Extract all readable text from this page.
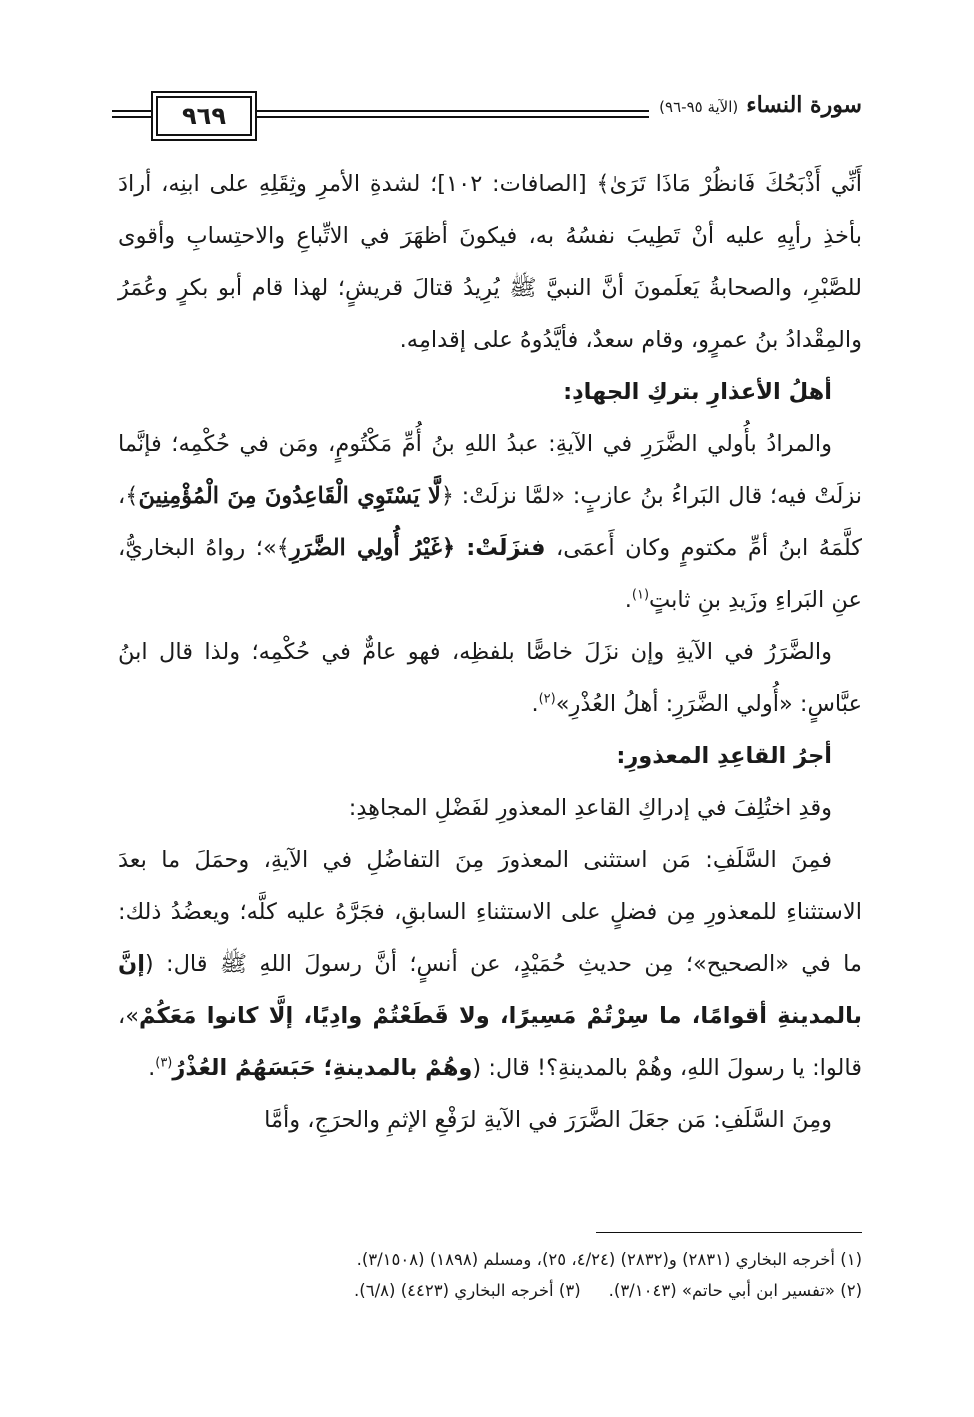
٩٦٩	سورة النساء
(الآية ٩٥-٩٦)

أَنِّي أَذْبَحُكَ فَانظُرْ مَاذَا تَرَىٰ﴾ [الصافات: ١٠٢]؛ لشدةِ الأمرِ وثِقَلِهِ على ابنِه، أرادَ بأخذِ رأيِهِ عليه أنْ تَطِيبَ نفسُهُ به، فيكونَ أظهَرَ في الاتِّباعِ والاحتِسابِ وأقوى للصَّبْرِ، والصحابةُ يَعلَمونَ أنَّ النبيَّ ﷺ يُرِيدُ قتالَ قريشٍ؛ لهذا قام أبو بكرٍ وعُمَرُ والمِقْدادُ بنُ عمرٍو، وقام سعدٌ، فأيَّدُوهُ على إقدامِه.

أهلُ الأعذارِ بتركِ الجهادِ:

والمرادُ بأُولي الضَّرَرِ في الآيةِ: عبدُ اللهِ بنُ أُمِّ مَكْتُومٍ، ومَن في حُكْمِه؛ فإنَّما نزلَتْ فيه؛ قال البَراءُ بنُ عازبٍ: «لمَّا نزلَتْ: ﴿لَّا يَسْتَوِي الْقَاعِدُونَ مِنَ الْمُؤْمِنِينَ﴾، كلَّمَهُ ابنُ أمِّ مكتومٍ وكان أَعمَى، فنزَلَتْ: ﴿غَيْرُ أُولِي الضَّرَرِ﴾»؛ رواهُ البخاريُّ، عنِ البَراءِ وزَيدِ بنِ ثابتٍ$^{(١)}$.

والضَّرَرُ في الآيةِ وإن نزَلَ خاصًّا بلفظِه، فهو عامٌّ في حُكْمِه؛ ولذا قال ابنُ عبَّاسٍ: «أُولي الضَّرَرِ: أهلُ العُذْرِ»$^{(٢)}$.

أجرُ القاعِدِ المعذورِ:

وقدِ اختُلِفَ في إدراكِ القاعدِ المعذورِ لفَضْلِ المجاهِدِ:

فمِنَ السَّلَفِ: مَن استثنى المعذورَ مِنَ التفاضُلِ في الآيةِ، وحمَلَ ما بعدَ الاستثناءِ للمعذورِ مِن فضلٍ على الاستثناءِ السابقِ، فجَرَّهُ عليه كلَّه؛ ويعضُدُ ذلك: ما في «الصحيح»؛ مِن حديثِ حُمَيْدٍ، عن أنسٍ؛ أنَّ رسولَ اللهِ ﷺ قال: (إنَّ بالمدينةِ أقوامًا، ما سِرْتُمْ مَسِيرًا، ولا قَطَعْتُمْ وادِيًا، إلَّا كانوا مَعَكُمْ»، قالوا: يا رسولَ اللهِ، وهُمْ بالمدينةِ؟! قال: (وهُمْ بالمدينةِ؛ حَبَسَهُمُ العُذْرُ$^{(٣)}$.

ومِنَ السَّلَفِ: مَن جعَلَ الضَّرَرَ في الآيةِ لرَفْعِ الإثمِ والحرَجِ، وأمَّا

(١) أخرجه البخاري (٢٨٣١) و(٢٨٣٢) (٤/٢٤، ٢٥)، ومسلم (١٨٩٨) (٣/١٥٠٨).
(٢) «تفسير ابن أبي حاتم» (٣/١٠٤٣).
(٣) أخرجه البخاري (٤٤٢٣) (٦/٨).
